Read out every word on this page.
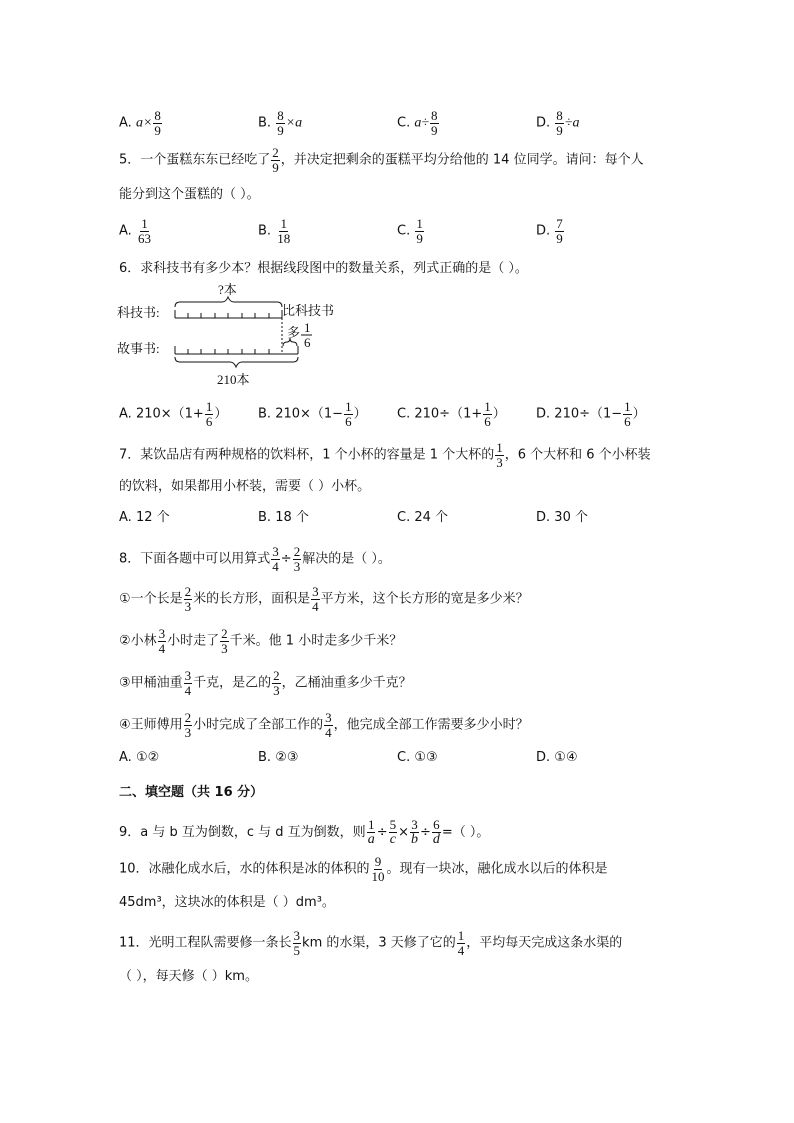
A. $a\times \frac{8}{9}$	B. $\frac{8}{9} \times a$	C. $a\div \frac{8}{9}$	D. $\frac{8}{9} \div a$
5．一个蛋糕东东已经吃了 $\frac{2}{9}$ ，并决定把剩余的蛋糕平均分给他的 14 位同学。请问：每个人
能分到这个蛋糕的（ ）。
A. $\frac{1}{63}$	B. $\frac{1}{18}$	C. $\frac{1}{9}$	D. $\frac{7}{9}$
6．求科技书有多少本？根据线段图中的数量关系，列式正确的是（ ）。
?本
科技书:
故事书:
比科技书
多 1
6
210本
A. $210\times(1+ \frac{1}{6}$ ） B. $210\times(1- \frac{1}{6}$ ） C. $210\div(1+ \frac{1}{6}$ ） D. $210\div(1- \frac{1}{6}$ ）
7．某饮品店有两种规格的饮料杯，1 个小杯的容量是 1 个大杯的 $\frac{1}{3}$ ，6 个大杯和 6 个小杯装
的饮料，如果都用小杯装，需要（ ）小杯。
A. 12 个	B. 18 个	C. 24 个	D. 30 个
8．下面各题中可以用算式 $\frac{3}{4} \div \frac{2}{3}$ 解决的是（ ）。
①一个长是 $\frac{2}{3}$ 米的长方形，面积是 $\frac{3}{4}$ 平方米，这个长方形的宽是多少米？
②小林 $\frac{3}{4}$ 小时走了 $\frac{2}{3}$ 千米。他 1 小时走多少千米？
③甲桶油重 $\frac{3}{4}$ 千克，是乙的 $\frac{2}{3}$ ，乙桶油重多少千克？
④王师傅用 $\frac{2}{3}$ 小时完成了全部工作的 $\frac{3}{4}$ ，他完成全部工作需要多少小时？
A. ①②	B. ②③	C. ①③	D. ①④
二、填空题（共 16 分）
9．a 与 b 互为倒数，c 与 d 互为倒数，则 $\frac{1}{a} \div \frac{5}{c} \times \frac{3}{b} \div \frac{6}{d}$ =（ ）。
10．冰融化成水后，水的体积是冰的体积的 $\frac{9}{10}$ 。现有一块冰，融化成水以后的体积是
45dm³，这块冰的体积是（ ）dm³。
11．光明工程队需要修一条长 $\frac{3}{5}$ km 的水渠，3 天修了它的 $\frac{1}{4}$ ，平均每天完成这条水渠的
（ ），每天修（ ）km。
